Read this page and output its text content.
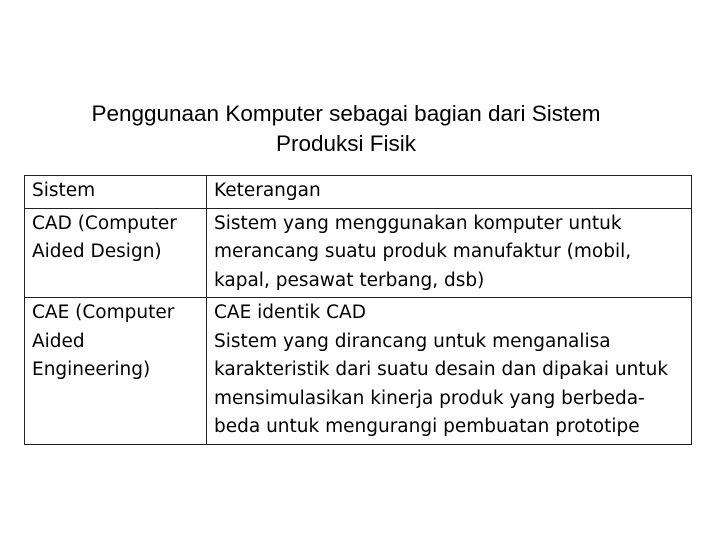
Penggunaan Komputer sebagai bagian dari Sistem
Produksi Fisik
Sistem	Keterangan

CAD (Computer
Aided Design)	Sistem yang menggunakan komputer untuk
merancang suatu produk manufaktur (mobil,
kapal, pesawat terbang, dsb)

CAE (Computer
Aided
Engineering)	CAE identik CAD
Sistem yang dirancang untuk menganalisa
karakteristik dari suatu desain dan dipakai untuk
mensimulasikan kinerja produk yang berbeda-
beda untuk mengurangi pembuatan prototipe
